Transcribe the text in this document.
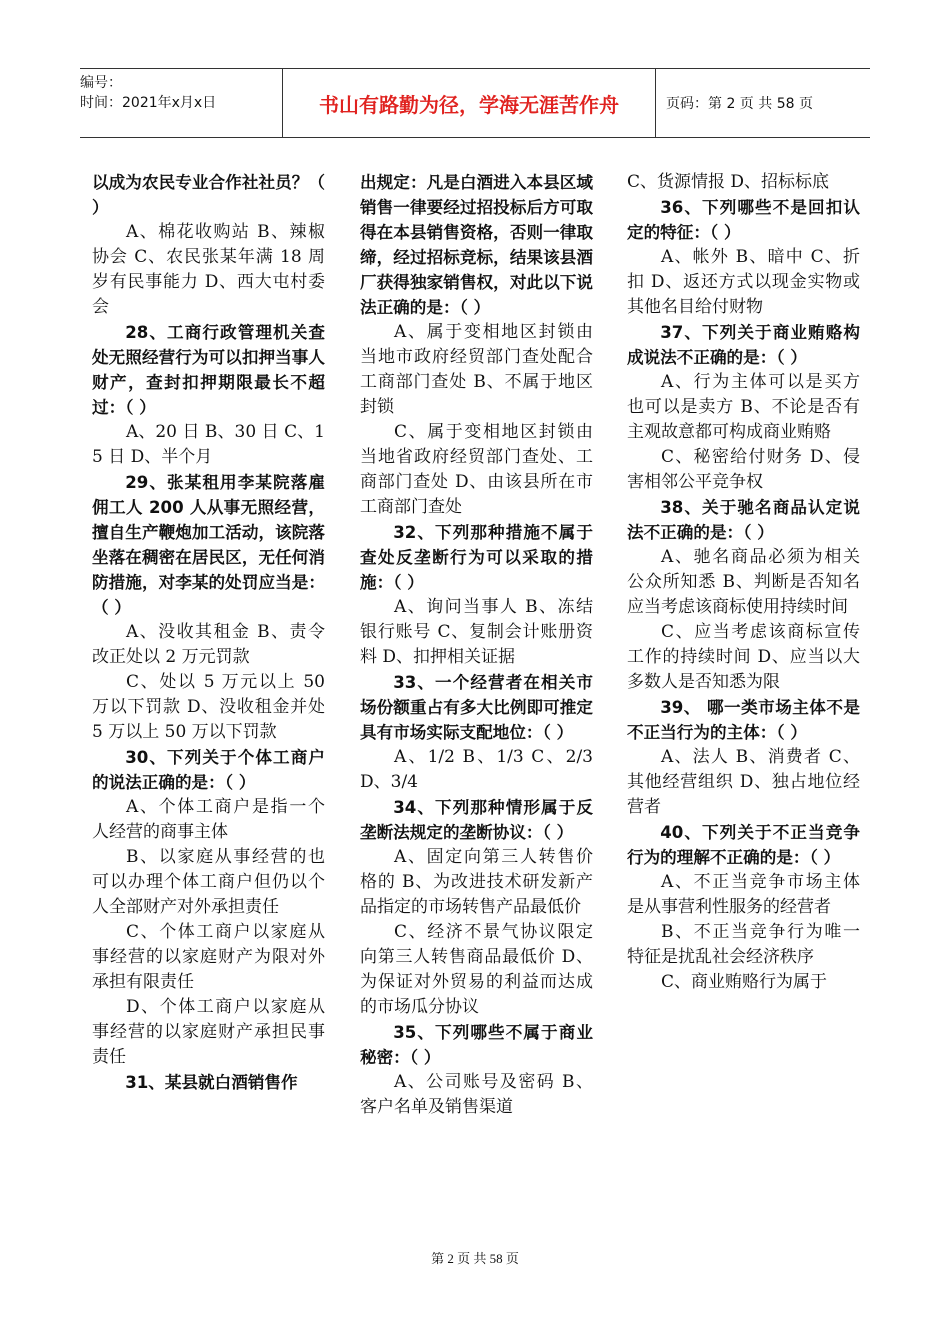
编号：
时间：2021年x月x日	书山有路勤为径，学海无涯苦作舟	页码：第 2 页 共 58 页

以成为农民专业合作社社员？（ ）

A、棉花收购站 B、辣椒协会 C、农民张某年满 18 周岁有民事能力 D、西大屯村委会

28、工商行政管理机关查处无照经营行为可以扣押当事人财产，查封扣押期限最长不超过：（ ）

A、20 日 B、30 日 C、15 日 D、半个月

29、张某租用李某院落雇佣工人 200 人从事无照经营，擅自生产鞭炮加工活动，该院落坐落在稠密在居民区，无任何消防措施，对李某的处罚应当是：（ ）

A、没收其租金 B、责令改正处以 2 万元罚款

C、处以 5 万元以上 50 万以下罚款 D、没收租金并处 5 万以上 50 万以下罚款

30、下列关于个体工商户的说法正确的是：（ ）

A、个体工商户是指一个人经营的商事主体

B、以家庭从事经营的也可以办理个体工商户但仍以个人全部财产对外承担责任

C、个体工商户以家庭从事经营的以家庭财产为限对外承担有限责任

D、个体工商户以家庭从事经营的以家庭财产承担民事责任

31、某县就白酒销售作

出规定：凡是白酒进入本县区域销售一律要经过招投标后方可取得在本县销售资格，否则一律取缔，经过招标竞标，结果该县酒厂获得独家销售权，对此以下说法正确的是：（ ）

A、属于变相地区封锁由当地市政府经贸部门查处配合工商部门查处 B、不属于地区封锁

C、属于变相地区封锁由当地省政府经贸部门查处、工商部门查处 D、由该县所在市工商部门查处

32、下列那种措施不属于查处反垄断行为可以采取的措施：（ ）

A、询问当事人 B、冻结银行账号 C、复制会计账册资料 D、扣押相关证据

33、一个经营者在相关市场份额重占有多大比例即可推定具有市场实际支配地位：（ ）

A、1/2 B、1/3 C、2/3 D、3/4

34、下列那种情形属于反垄断法规定的垄断协议：（ ）

A、固定向第三人转售价格的 B、为改进技术研发新产品指定的市场转售产品最低价

C、经济不景气协议限定向第三人转售商品最低价 D、为保证对外贸易的利益而达成的市场瓜分协议

35、下列哪些不属于商业秘密：（ ）

A、公司账号及密码 B、客户名单及销售渠道

C、货源情报 D、招标标底

36、下列哪些不是回扣认定的特征：（ ）

A、帐外 B、暗中 C、折扣 D、返还方式以现金实物或其他名目给付财物

37、下列关于商业贿赂构成说法不正确的是：（ ）

A、行为主体可以是买方也可以是卖方 B、不论是否有主观故意都可构成商业贿赂

C、秘密给付财务 D、侵害相邻公平竞争权

38、关于驰名商品认定说法不正确的是：（ ）

A、驰名商品必须为相关公众所知悉 B、判断是否知名应当考虑该商标使用持续时间

C、应当考虑该商标宣传工作的持续时间 D、应当以大多数人是否知悉为限

39、 哪一类市场主体不是不正当行为的主体：（ ）

A、法人 B、消费者 C、其他经营组织 D、独占地位经营者

40、下列关于不正当竞争行为的理解不正确的是：（ ）

A、不正当竞争市场主体是从事营利性服务的经营者

B、不正当竞争行为唯一特征是扰乱社会经济秩序

C、商业贿赂行为属于

第 2 页 共 58 页
